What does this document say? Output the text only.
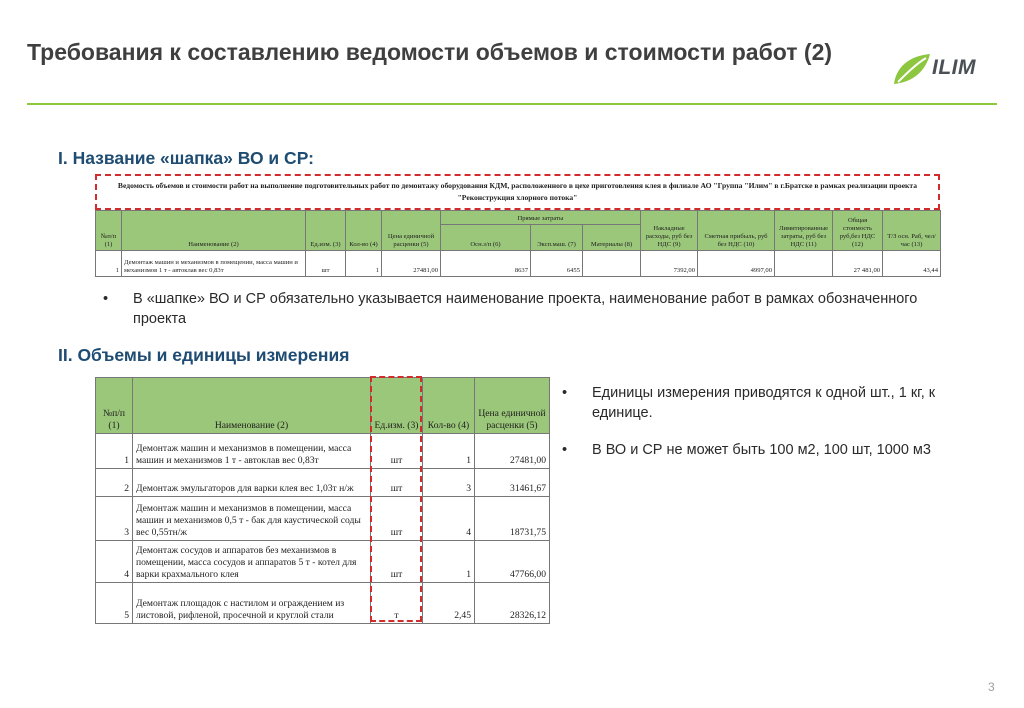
Требования к составлению ведомости объемов и стоимости работ (2)
ILIM
I. Название «шапка» ВО и СР:
Ведомость объемов и стоимости работ на выполнение подготовительных работ по демонтажу оборудования КДМ, расположенного в цехе приготовления клея в филиале АО "Группа "Илим" в г.Братске в рамках реализации проекта "Реконструкция хлорного потока"
№п/п (1)	Наименование (2)	Ед.изм. (3)	Кол-во (4)	Цена единичной расценки (5)	Прямые затраты			Накладные расходы, руб без НДС (9)	Сметная прибыль, руб без НДС (10)	Лимитированные затраты, руб без НДС (11)	Общая стоимость руб,без НДС (12)	Т/З осн. Раб, чел/час (13)
					Осн.з/п (6)	Эксп.маш. (7)	Материалы (8)					
1	Демонтаж машин и механизмов в помещении, масса машин и механизмов 1 т - автоклав вес 0,83т	шт	1	27481,00	8637	6455		7392,00	4997,00		27 481,00	43,44
• В «шапке» ВО и СР обязательно указывается наименование проекта, наименование работ в рамках обозначенного проекта
II. Объемы и единицы измерения
№п/п (1)	Наименование (2)	Ед.изм. (3)	Кол-во (4)	Цена единичной расценки (5)
1	Демонтаж машин и механизмов в помещении, масса машин и механизмов 1 т - автоклав вес 0,83т	шт	1	27481,00
2	Демонтаж эмульгаторов для варки клея вес 1,03т н/ж	шт	3	31461,67
3	Демонтаж машин и механизмов в помещении, масса машин и механизмов 0,5 т - бак для каустической соды вес 0,55тн/ж	шт	4	18731,75
4	Демонтаж сосудов и аппаратов без механизмов в помещении, масса сосудов и аппаратов 5 т - котел для варки крахмального клея	шт	1	47766,00
5	Демонтаж площадок с настилом и ограждением из листовой, рифленой, просечной и круглой стали	т	2,45	28326,12
• Единицы измерения приводятся к одной шт., 1 кг, к единице.
• В ВО и СР не может быть 100 м2, 100 шт, 1000 м3
3
